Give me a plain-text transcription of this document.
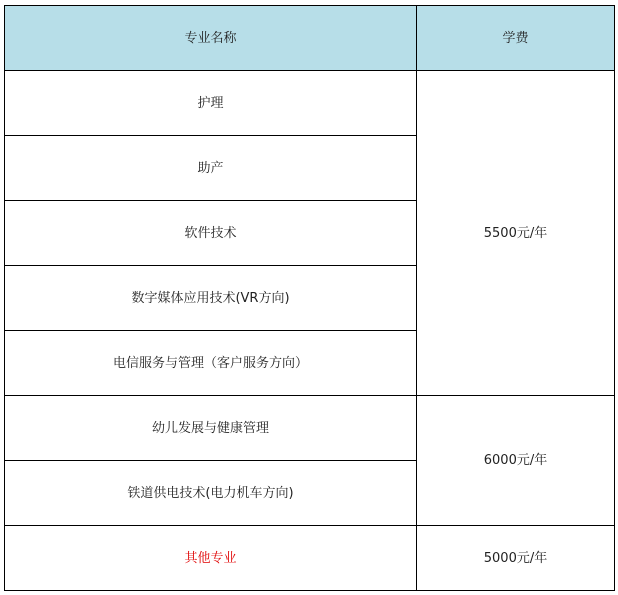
专业名称	学费
护理	5500元/年
助产	
软件技术	
数字媒体应用技术(VR方向)	
电信服务与管理（客户服务方向）	
幼儿发展与健康管理	6000元/年
铁道供电技术(电力机车方向)	
其他专业	5000元/年
